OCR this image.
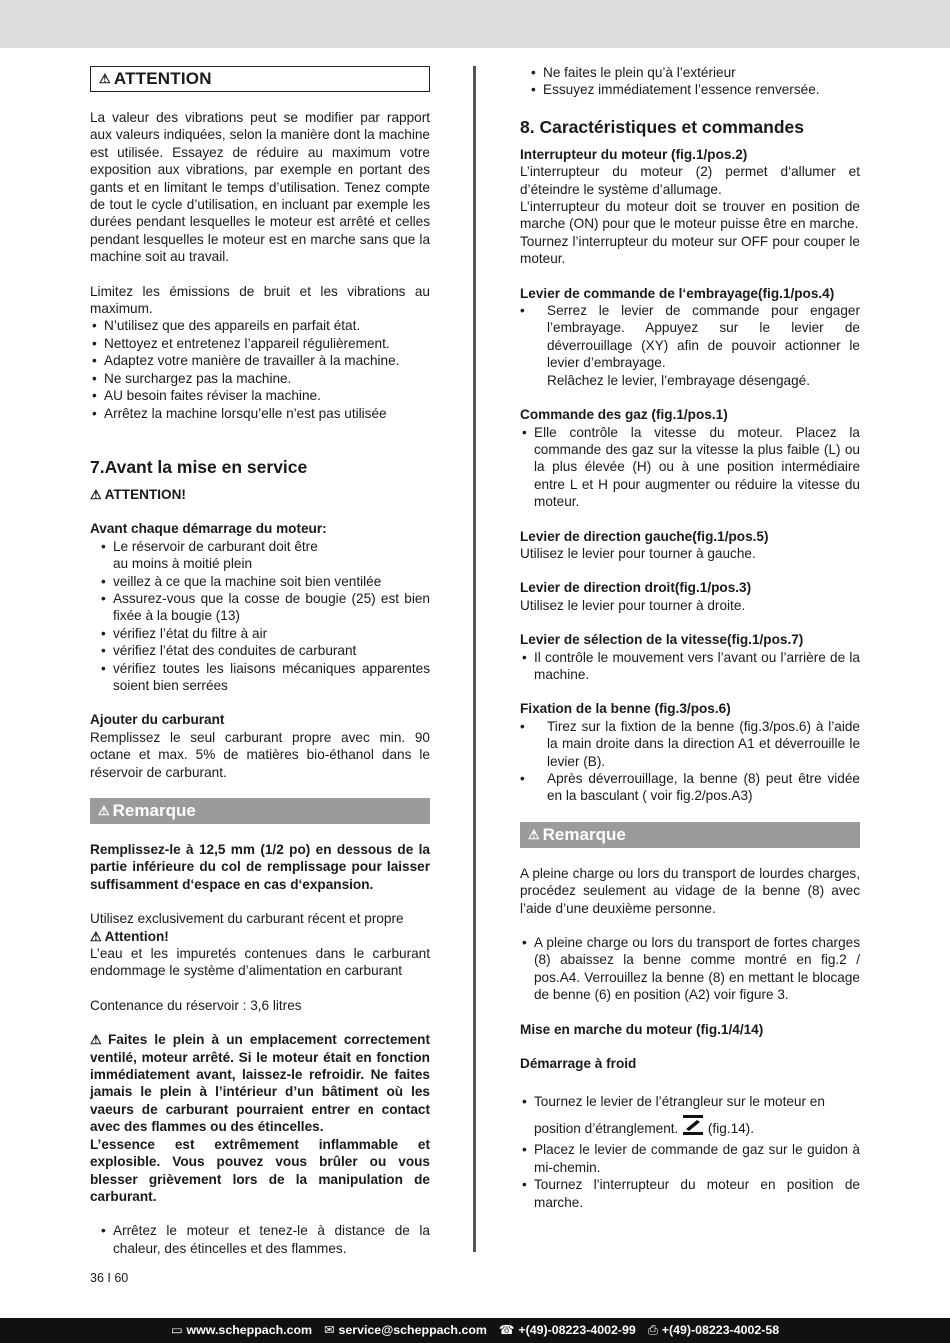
⚠ ATTENTION

La valeur des vibrations peut se modifier par rapport aux valeurs indiquées, selon la manière dont la machine est utilisée. Essayez de réduire au maximum votre exposition aux vibrations, par exemple en portant des gants et en limitant le temps d’utilisation. Tenez compte de tout le cycle d’utilisation, en incluant par exemple les durées pendant lesquelles le moteur est arrêté et celles pendant lesquelles le moteur est en marche sans que la machine soit au travail.

Limitez les émissions de bruit et les vibrations au maximum.

• N’utilisez que des appareils en parfait état.
• Nettoyez et entretenez l’appareil régulièrement.
• Adaptez votre manière de travailler à la machine.
• Ne surchargez pas la machine.
• AU besoin faites réviser la machine.
• Arrêtez la machine lorsqu’elle n’est pas utilisée
7.Avant la mise en service

⚠ ATTENTION!

Avant chaque démarrage du moteur:

• Le réservoir de carburant doit être au moins à moitié plein
• veillez à ce que la machine soit bien ventilée
• Assurez-vous que la cosse de bougie (25) est bien fixée à la bougie (13)
• vérifiez l’état du filtre à air
• vérifiez l’état des conduites de carburant
• vérifiez toutes les liaisons mécaniques apparentes soient bien serrées

Ajouter du carburant

Remplissez le seul carburant propre avec min. 90 octane et max. 5% de matières bio-éthanol dans le réservoir de carburant.

⚠ Remarque

Remplissez-le à 12,5 mm (1/2 po) en dessous de la partie inférieure du col de remplissage pour laisser suffisamment d‘espace en cas d‘expansion.

Utilisez exclusivement du carburant récent et propre

⚠ Attention!

L’eau et les impuretés contenues dans le carburant endommage le système d’alimentation en carburant

Contenance du réservoir : 3,6 litres

⚠ Faites le plein à un emplacement correctement ventilé, moteur arrêté. Si le moteur était en fonction immédiatement avant, laissez-le refroidir. Ne faites jamais le plein à l’intérieur d’un bâtiment où les vaeurs de carburant pourraient entrer en contact avec des flammes ou des étincelles.

L’essence est extrêmement inflammable et explosible. Vous pouvez vous brûler ou vous blesser grièvement lors de la manipulation de carburant.

• Arrêtez le moteur et tenez-le à distance de la chaleur, des étincelles et des flammes.
• Ne faites le plein qu’à l’extérieur
• Essuyez immédiatement l’essence renversée.
8. Caractéristiques et commandes

Interrupteur du moteur (fig.1/pos.2)

L’interrupteur du moteur (2) permet d‘allumer et d’éteindre le système d’allumage.

L’interrupteur du moteur doit se trouver en position de marche (ON) pour que le moteur puisse être en marche.

Tournez l’interrupteur du moteur sur OFF pour couper le moteur.

Levier de commande de l‘embrayage(fig.1/pos.4)

• Serrez le levier de commande pour engager l’embrayage. Appuyez sur le levier de déverrouillage (XY) afin de pouvoir actionner le levier d’embrayage.

Relâchez le levier, l’embrayage désengagé.

Commande des gaz (fig.1/pos.1)

• Elle contrôle la vitesse du moteur. Placez la commande des gaz sur la vitesse la plus faible (L) ou la plus élevée (H) ou à une position intermédiaire entre L et H pour augmenter ou réduire la vitesse du moteur.

Levier de direction gauche(fig.1/pos.5)

Utilisez le levier pour tourner à gauche.

Levier de direction droit(fig.1/pos.3)

Utilisez le levier pour tourner à droite.

Levier de sélection de la vitesse(fig.1/pos.7)

• Il contrôle le mouvement vers l’avant ou l’arrière de la machine.

Fixation de la benne (fig.3/pos.6)

• Tirez sur la fixtion de la benne (fig.3/pos.6) à l’aide la main droite dans la direction A1 et déverrouille le levier (B).
• Après déverrouillage, la benne (8) peut être vidée en la basculant ( voir fig.2/pos.A3)
⚠ Remarque

A pleine charge ou lors du transport de lourdes charges, procédez seulement au vidage de la benne (8) avec l’aide d’une deuxième personne.

• A pleine charge ou lors du transport de fortes charges (8) abaissez la benne comme montré en fig.2 / pos.A4. Verrouillez la benne (8) en mettant le blocage de benne (6) en position (A2) voir figure 3.

Mise en marche du moteur (fig.1/4/14)

Démarrage à froid

• Tournez le levier de l’étrangleur sur le moteur en position d’étranglement. (fig.14).
• Placez le levier de commande de gaz sur le guidon à mi-chemin.
• Tournez l’interrupteur du moteur en position de marche.
36 I 60
▭ www.scheppach.com ✉ service@scheppach.com ☎ +(49)-08223-4002-99 ⎙ +(49)-08223-4002-58
